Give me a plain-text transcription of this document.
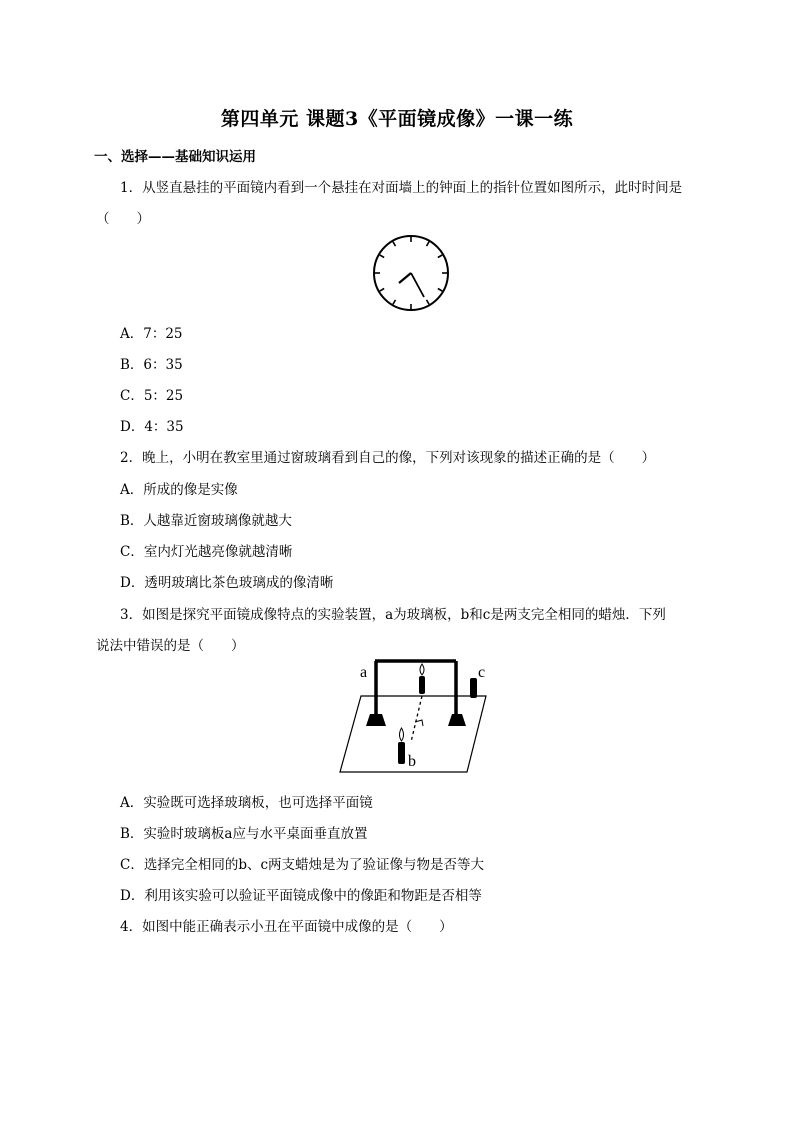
第四单元 课题3《平面镜成像》一课一练
一、选择——基础知识运用
1．从竖直悬挂的平面镜内看到一个悬挂在对面墙上的钟面上的指针位置如图所示，此时时间是
（　　）
A．7：25
B．6：35
C．5：25
D．4：35
2．晚上，小明在教室里通过窗玻璃看到自己的像，下列对该现象的描述正确的是（　　）
A．所成的像是实像
B．人越靠近窗玻璃像就越大
C．室内灯光越亮像就越清晰
D．透明玻璃比茶色玻璃成的像清晰
3．如图是探究平面镜成像特点的实验装置，a为玻璃板，b和c是两支完全相同的蜡烛．下列
说法中错误的是（　　）
a	c
b
A．实验既可选择玻璃板，也可选择平面镜
B．实验时玻璃板a应与水平桌面垂直放置
C．选择完全相同的b、c两支蜡烛是为了验证像与物是否等大
D．利用该实验可以验证平面镜成像中的像距和物距是否相等
4．如图中能正确表示小丑在平面镜中成像的是（　　）
